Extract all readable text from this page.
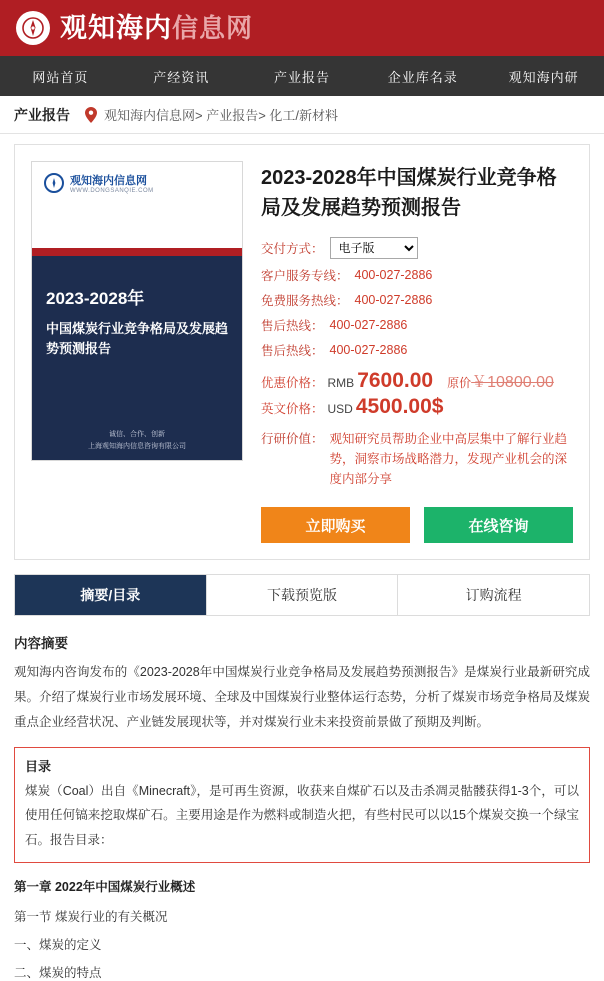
观知海内信息网
网站首页	产经资讯	产业报告	企业库名录	观知海内研
产业报告	观知海内信息网> 产业报告> 化工/新材料
观知海内信息网
WWW.DONGSANQIE.COM
2023-2028年
中国煤炭行业竞争格局及发展趋势预测报告
诚信、合作、创新
上海观知海内信息咨询有限公司
2023-2028年中国煤炭行业竞争格局及发展趋势预测报告
交付方式：
电子版
客户服务专线： 400-027-2886
免费服务热线： 400-027-2886
售后热线： 400-027-2886
售后热线： 400-027-2886
优惠价格： RMB 7600.00 原价 ￥10800.00
英文价格： USD 4500.00$
行研价值： 观知研究员帮助企业中高层集中了解行业趋势，洞察市场战略潜力，发现产业机会的深度内部分享
立即购买	在线咨询
摘要/目录	下载预览版	订购流程
内容摘要
观知海内咨询发布的《2023-2028年中国煤炭行业竞争格局及发展趋势预测报告》是煤炭行业最新研究成果。介绍了煤炭行业市场发展环境、全球及中国煤炭行业整体运行态势，分析了煤炭市场竞争格局及煤炭重点企业经营状况、产业链发展现状等，并对煤炭行业未来投资前景做了预期及判断。
目录
煤炭（Coal）出自《Minecraft》，是可再生资源，收获来自煤矿石以及击杀凋灵骷髅获得1-3个，可以使用任何镐来挖取煤矿石。主要用途是作为燃料或制造火把，有些村民可以以15个煤炭交换一个绿宝石。报告目录：
第一章 2022年中国煤炭行业概述
第一节 煤炭行业的有关概况
一、煤炭的定义
二、煤炭的特点
